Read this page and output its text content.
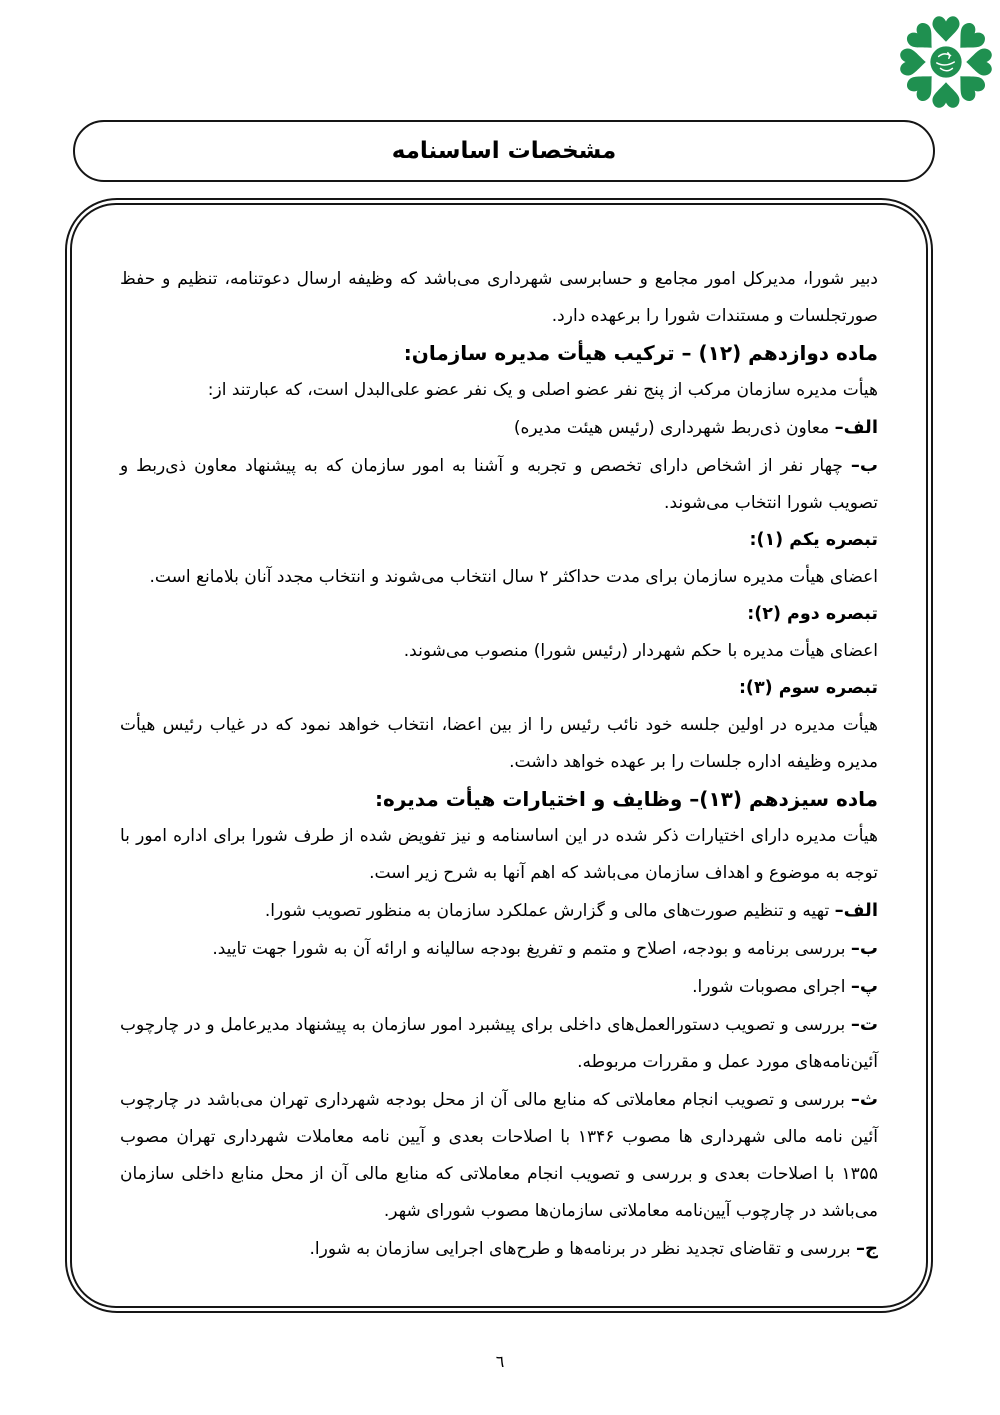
مشخصات اساسنامه

دبیر شورا، مدیرکل امور مجامع و حسابرسی شهرداری می‌باشد که وظیفه ارسال دعوتنامه، تنظیم و حفظ صورتجلسات و مستندات شورا را برعهده دارد.

ماده دوازدهم (۱۲) – ترکیب هیأت مدیره سازمان:

هیأت مدیره سازمان مرکب از پنج نفر عضو اصلی و یک نفر عضو علی‌البدل است، که عبارتند از:

الف– معاون ذی‌ربط شهرداری (رئیس هیئت مدیره)

ب– چهار نفر از اشخاص دارای تخصص و تجربه و آشنا به امور سازمان که به پیشنهاد معاون ذی‌ربط و تصویب شورا انتخاب می‌شوند.

تبصره یکم (۱):

اعضای هیأت مدیره سازمان برای مدت حداکثر ۲ سال انتخاب می‌شوند و انتخاب مجدد آنان بلامانع است.

تبصره دوم (۲):

اعضای هیأت مدیره با حکم شهردار (رئیس شورا) منصوب می‌شوند.

تبصره سوم (۳):

هیأت مدیره در اولین جلسه خود نائب رئیس را از بین اعضا، انتخاب خواهد نمود که در غیاب رئیس هیأت مدیره وظیفه اداره جلسات را بر عهده خواهد داشت.

ماده سیزدهم (۱۳)– وظایف و اختیارات هیأت مدیره:

هیأت مدیره دارای اختیارات ذکر شده در این اساسنامه و نیز تفویض شده از طرف شورا برای اداره امور با توجه به موضوع و اهداف سازمان می‌باشد که اهم آنها به شرح زیر است.

الف– تهیه و تنظیم صورت‌های مالی و گزارش عملکرد سازمان به منظور تصویب شورا.

ب– بررسی برنامه و بودجه، اصلاح و متمم و تفریغ بودجه سالیانه و ارائه آن به شورا جهت تایید.

پ– اجرای مصوبات شورا.

ت– بررسی و تصویب دستورالعمل‌های داخلی برای پیشبرد امور سازمان به پیشنهاد مدیرعامل و در چارچوب آئین‌نامه‌های مورد عمل و مقررات مربوطه.

ث– بررسی و تصویب انجام معاملاتی که منابع مالی آن از محل بودجه شهرداری تهران می‌باشد در چارچوب آئین نامه مالی شهرداری ها مصوب ۱۳۴۶ با اصلاحات بعدی و آیین نامه معاملات شهرداری تهران مصوب ۱۳۵۵ با اصلاحات بعدی و بررسی و تصویب انجام معاملاتی که منابع مالی آن از محل منابع داخلی سازمان می‌باشد در چارچوب آیین‌نامه معاملاتی سازمان‌ها مصوب شورای شهر.

ج– بررسی و تقاضای تجدید نظر در برنامه‌ها و طرح‌های اجرایی سازمان به شورا.

٦
